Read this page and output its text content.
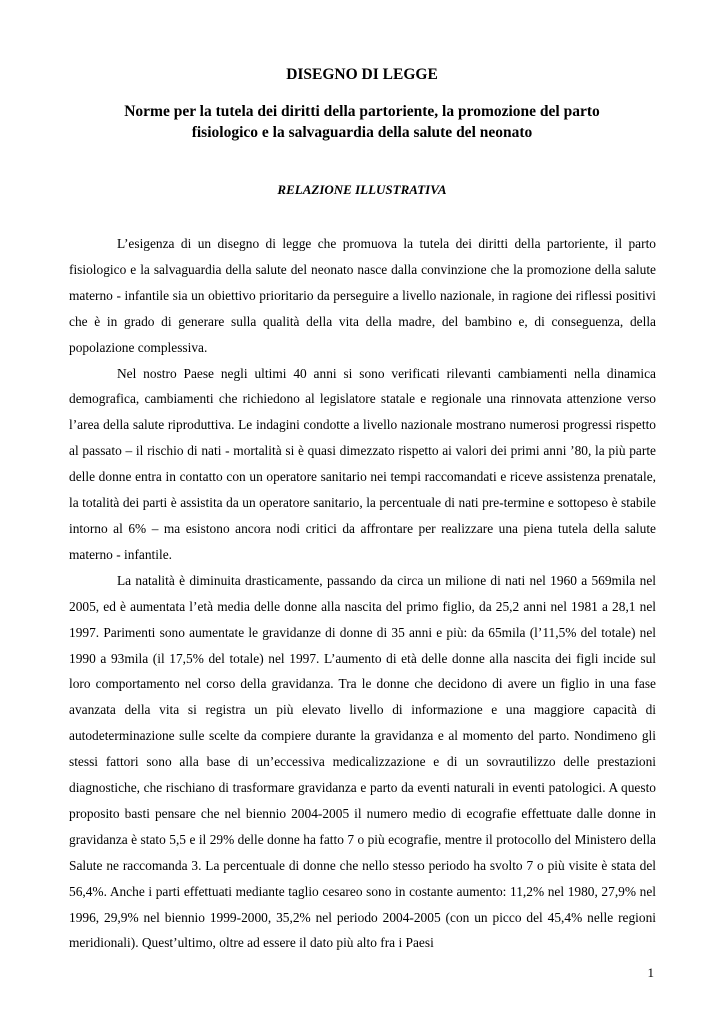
DISEGNO DI LEGGE
Norme per la tutela dei diritti della partoriente, la promozione del parto fisiologico e la salvaguardia della salute del neonato
RELAZIONE ILLUSTRATIVA

L’esigenza di un disegno di legge che promuova la tutela dei diritti della partoriente, il parto fisiologico e la salvaguardia della salute del neonato nasce dalla convinzione che la promozione della salute materno - infantile sia un obiettivo prioritario da perseguire a livello nazionale, in ragione dei riflessi positivi che è in grado di generare sulla qualità della vita della madre, del bambino e, di conseguenza, della popolazione complessiva.

Nel nostro Paese negli ultimi 40 anni si sono verificati rilevanti cambiamenti nella dinamica demografica, cambiamenti che richiedono al legislatore statale e regionale una rinnovata attenzione verso l’area della salute riproduttiva. Le indagini condotte a livello nazionale mostrano numerosi progressi rispetto al passato – il rischio di nati - mortalità si è quasi dimezzato rispetto ai valori dei primi anni ’80, la più parte delle donne entra in contatto con un operatore sanitario nei tempi raccomandati e riceve assistenza prenatale, la totalità dei parti è assistita da un operatore sanitario, la percentuale di nati pre-termine e sottopeso è stabile intorno al 6% – ma esistono ancora nodi critici da affrontare per realizzare una piena tutela della salute materno - infantile.

La natalità è diminuita drasticamente, passando da circa un milione di nati nel 1960 a 569mila nel 2005, ed è aumentata l’età media delle donne alla nascita del primo figlio, da 25,2 anni nel 1981 a 28,1 nel 1997. Parimenti sono aumentate le gravidanze di donne di 35 anni e più: da 65mila (l’11,5% del totale) nel 1990 a 93mila (il 17,5% del totale) nel 1997. L’aumento di età delle donne alla nascita dei figli incide sul loro comportamento nel corso della gravidanza. Tra le donne che decidono di avere un figlio in una fase avanzata della vita si registra un più elevato livello di informazione e una maggiore capacità di autodeterminazione sulle scelte da compiere durante la gravidanza e al momento del parto. Nondimeno gli stessi fattori sono alla base di un’eccessiva medicalizzazione e di un sovrautilizzo delle prestazioni diagnostiche, che rischiano di trasformare gravidanza e parto da eventi naturali in eventi patologici. A questo proposito basti pensare che nel biennio 2004-2005 il numero medio di ecografie effettuate dalle donne in gravidanza è stato 5,5 e il 29% delle donne ha fatto 7 o più ecografie, mentre il protocollo del Ministero della Salute ne raccomanda 3. La percentuale di donne che nello stesso periodo ha svolto 7 o più visite è stata del 56,4%. Anche i parti effettuati mediante taglio cesareo sono in costante aumento: 11,2% nel 1980, 27,9% nel 1996, 29,9% nel biennio 1999-2000, 35,2% nel periodo 2004-2005 (con un picco del 45,4% nelle regioni meridionali). Quest’ultimo, oltre ad essere il dato più alto fra i Paesi

1
